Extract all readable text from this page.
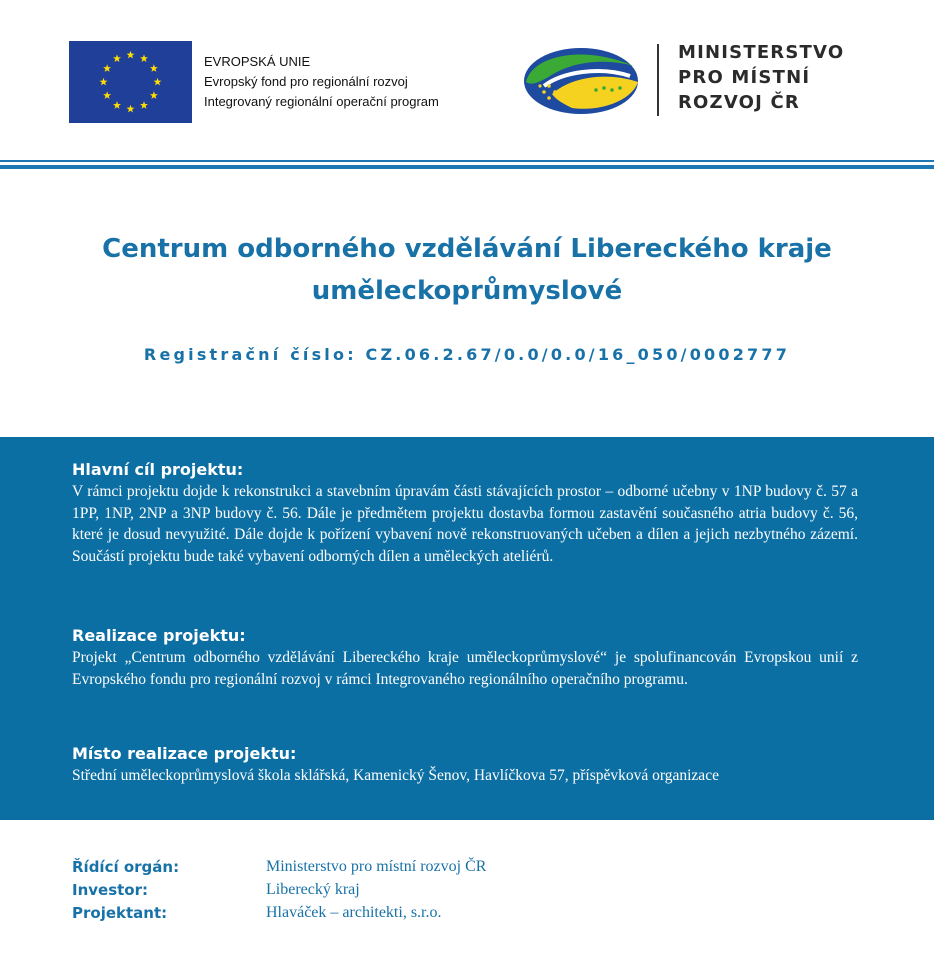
EVROPSKÁ UNIE
Evropský fond pro regionální rozvoj
Integrovaný regionální operační program
MINISTERSTVO
PRO MÍSTNÍ
ROZVOJ ČR
Centrum odborného vzdělávání Libereckého kraje
uměleckoprůmyslové
Registrační číslo: CZ.06.2.67/0.0/0.0/16_050/0002777
Hlavní cíl projektu:
V rámci projektu dojde k rekonstrukci a stavebním úpravám části stávajících prostor – odborné učebny v 1NP budovy č. 57 a 1PP, 1NP, 2NP a 3NP budovy č. 56. Dále je předmětem projektu dostavba formou zastavění současného atria budovy č. 56, které je dosud nevyužité. Dále dojde k pořízení vybavení nově rekonstruovaných učeben a dílen a jejich nezbytného zázemí. Součástí projektu bude také vybavení odborných dílen a uměleckých ateliérů.
Realizace projektu:
Projekt „Centrum odborného vzdělávání Libereckého kraje uměleckoprůmyslové“ je spolufinancován Evropskou unií z Evropského fondu pro regionální rozvoj v rámci Integrovaného regionálního operačního programu.
Místo realizace projektu:
Střední uměleckoprůmyslová škola sklářská, Kamenický Šenov, Havlíčkova 57, příspěvková organizace
Řídící orgán:	Ministerstvo pro místní rozvoj ČR
Investor:	Liberecký kraj
Projektant:	Hlaváček – architekti, s.r.o.
